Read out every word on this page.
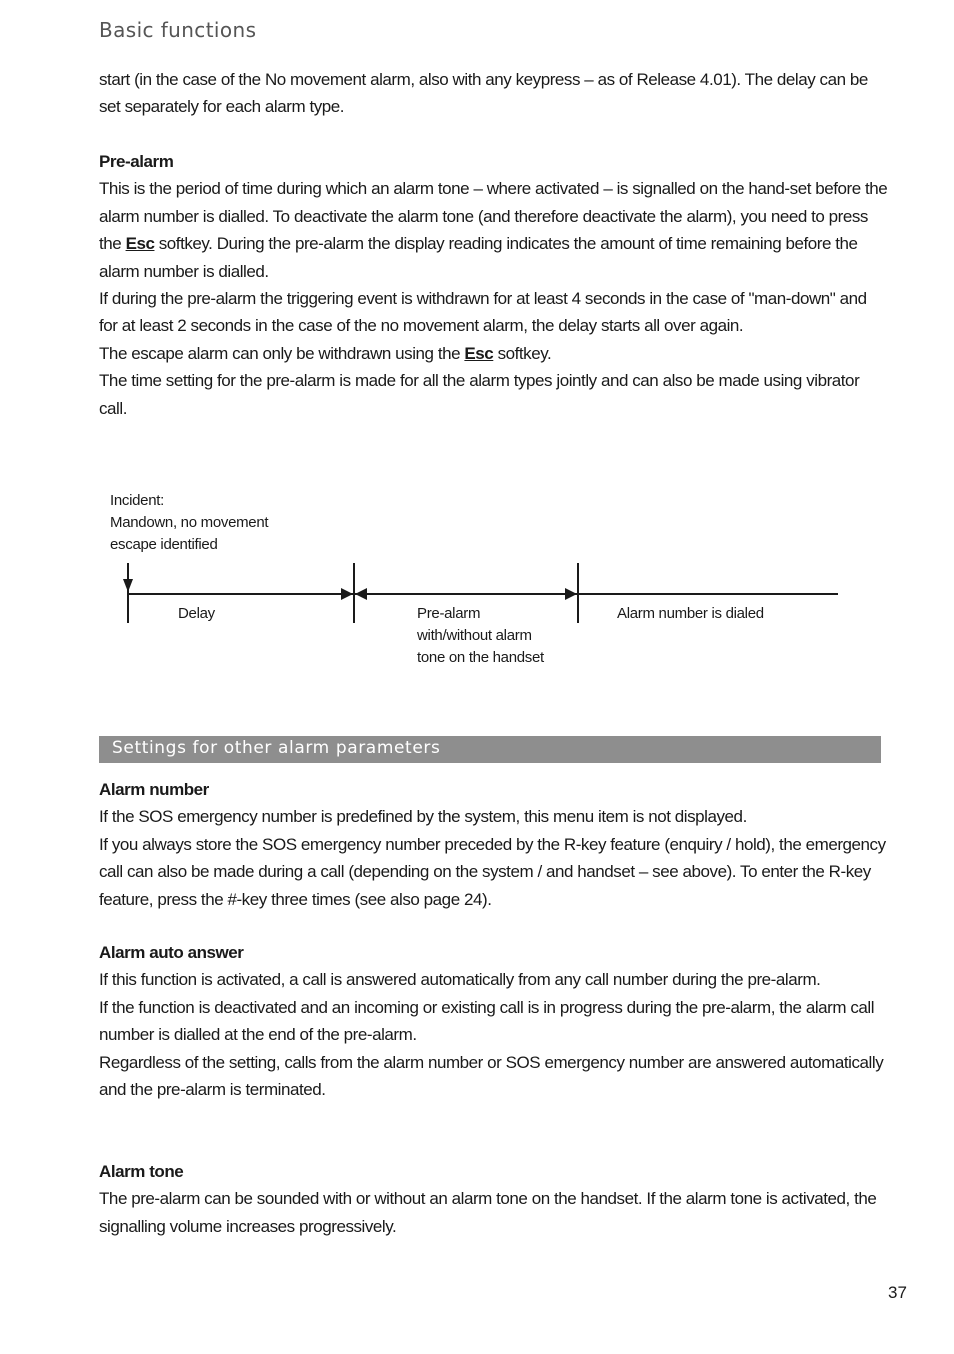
Basic functions

start (in the case of the No movement alarm, also with any keypress – as of Release 4.01). The delay can be set separately for each alarm type.

Pre-alarm

This is the period of time during which an alarm tone – where activated – is signalled on the hand-set before the alarm number is dialled. To deactivate the alarm tone (and therefore deactivate the alarm), you need to press the Esc softkey. During the pre-alarm the display reading indicates the amount of time remaining before the alarm number is dialled.

If during the pre-alarm the triggering event is withdrawn for at least 4 seconds in the case of "man-down" and for at least 2 seconds in the case of the no movement alarm, the delay starts all over again.

The escape alarm can only be withdrawn using the Esc softkey.

The time setting for the pre-alarm is made for all the alarm types jointly and can also be made using vibrator call.

Incident:
Mandown, no movement
escape identified
Delay	Pre-alarm
with/without alarm
tone on the handset
Alarm number is dialed
Settings for other alarm parameters
Alarm number

If the SOS emergency number is predefined by the system, this menu item is not displayed.

If you always store the SOS emergency number preceded by the R-key feature (enquiry / hold), the emergency call can also be made during a call (depending on the system / and handset – see above). To enter the R-key feature, press the #-key three times (see also page 24).

Alarm auto answer

If this function is activated, a call is answered automatically from any call number during the pre-alarm.

If the function is deactivated and an incoming or existing call is in progress during the pre-alarm, the alarm call number is dialled at the end of the pre-alarm.

Regardless of the setting, calls from the alarm number or SOS emergency number are answered automatically and the pre-alarm is terminated.

Alarm tone

The pre-alarm can be sounded with or without an alarm tone on the handset. If the alarm tone is activated, the signalling volume increases progressively.

37
